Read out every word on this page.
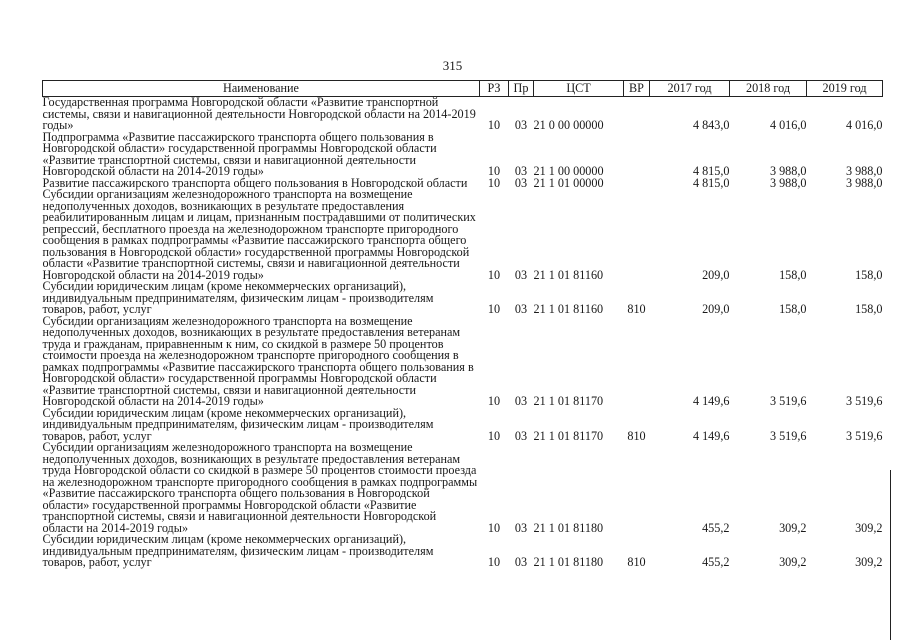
315
Наименование	РЗ	Пр	ЦСТ	ВР	2017 год	2018 год	2019 год
Государственная программа Новгородской области «Развитие транспортной системы, связи и навигационной деятельности Новгородской области на 2014-2019 годы»	10	03	21 0 00 00000		4 843,0	4 016,0	4 016,0
Подпрограмма «Развитие пассажирского транспорта общего пользования в Новгородской области» государственной программы Новгородской области «Развитие транспортной системы, связи и навигационной деятельности Новгородской области на 2014-2019 годы»	10	03	21 1 00 00000		4 815,0	3 988,0	3 988,0
Развитие пассажирского транспорта общего пользования в Новгородской области	10	03	21 1 01 00000		4 815,0	3 988,0	3 988,0
Субсидии организациям железнодорожного транспорта на возмещение недополученных доходов, возникающих в результате предоставления реабилитированным лицам и лицам, признанным пострадавшими от политических репрессий, бесплатного проезда на железнодорожном транспорте пригородного сообщения в рамках подпрограммы «Развитие пассажирского транспорта общего пользования в Новгородской области» государственной программы Новгородской области «Развитие транспортной системы, связи и навигационной деятельности Новгородской области на 2014-2019 годы»	10	03	21 1 01 81160		209,0	158,0	158,0
Субсидии юридическим лицам (кроме некоммерческих организаций), индивидуальным предпринимателям, физическим лицам - производителям товаров, работ, услуг	10	03	21 1 01 81160	810	209,0	158,0	158,0
Субсидии организациям железнодорожного транспорта на возмещение недополученных доходов, возникающих в результате предоставления ветеранам труда и гражданам, приравненным к ним, со скидкой в размере 50 процентов стоимости проезда на железнодорожном транспорте пригородного сообщения в рамках подпрограммы «Развитие пассажирского транспорта общего пользования в Новгородской области» государственной программы Новгородской области «Развитие транспортной системы, связи и навигационной деятельности Новгородской области на 2014-2019 годы»	10	03	21 1 01 81170		4 149,6	3 519,6	3 519,6
Субсидии юридическим лицам (кроме некоммерческих организаций), индивидуальным предпринимателям, физическим лицам - производителям товаров, работ, услуг	10	03	21 1 01 81170	810	4 149,6	3 519,6	3 519,6
Субсидии организациям железнодорожного транспорта на возмещение недополученных доходов, возникающих в результате предоставления ветеранам труда Новгородской области со скидкой в размере 50 процентов стоимости проезда на железнодорожном транспорте пригородного сообщения в рамках подпрограммы «Развитие пассажирского транспорта общего пользования в Новгородской области» государственной программы Новгородской области «Развитие транспортной системы, связи и навигационной деятельности Новгородской области на 2014-2019 годы»	10	03	21 1 01 81180		455,2	309,2	309,2
Субсидии юридическим лицам (кроме некоммерческих организаций), индивидуальным предпринимателям, физическим лицам - производителям товаров, работ, услуг	10	03	21 1 01 81180	810	455,2	309,2	309,2
